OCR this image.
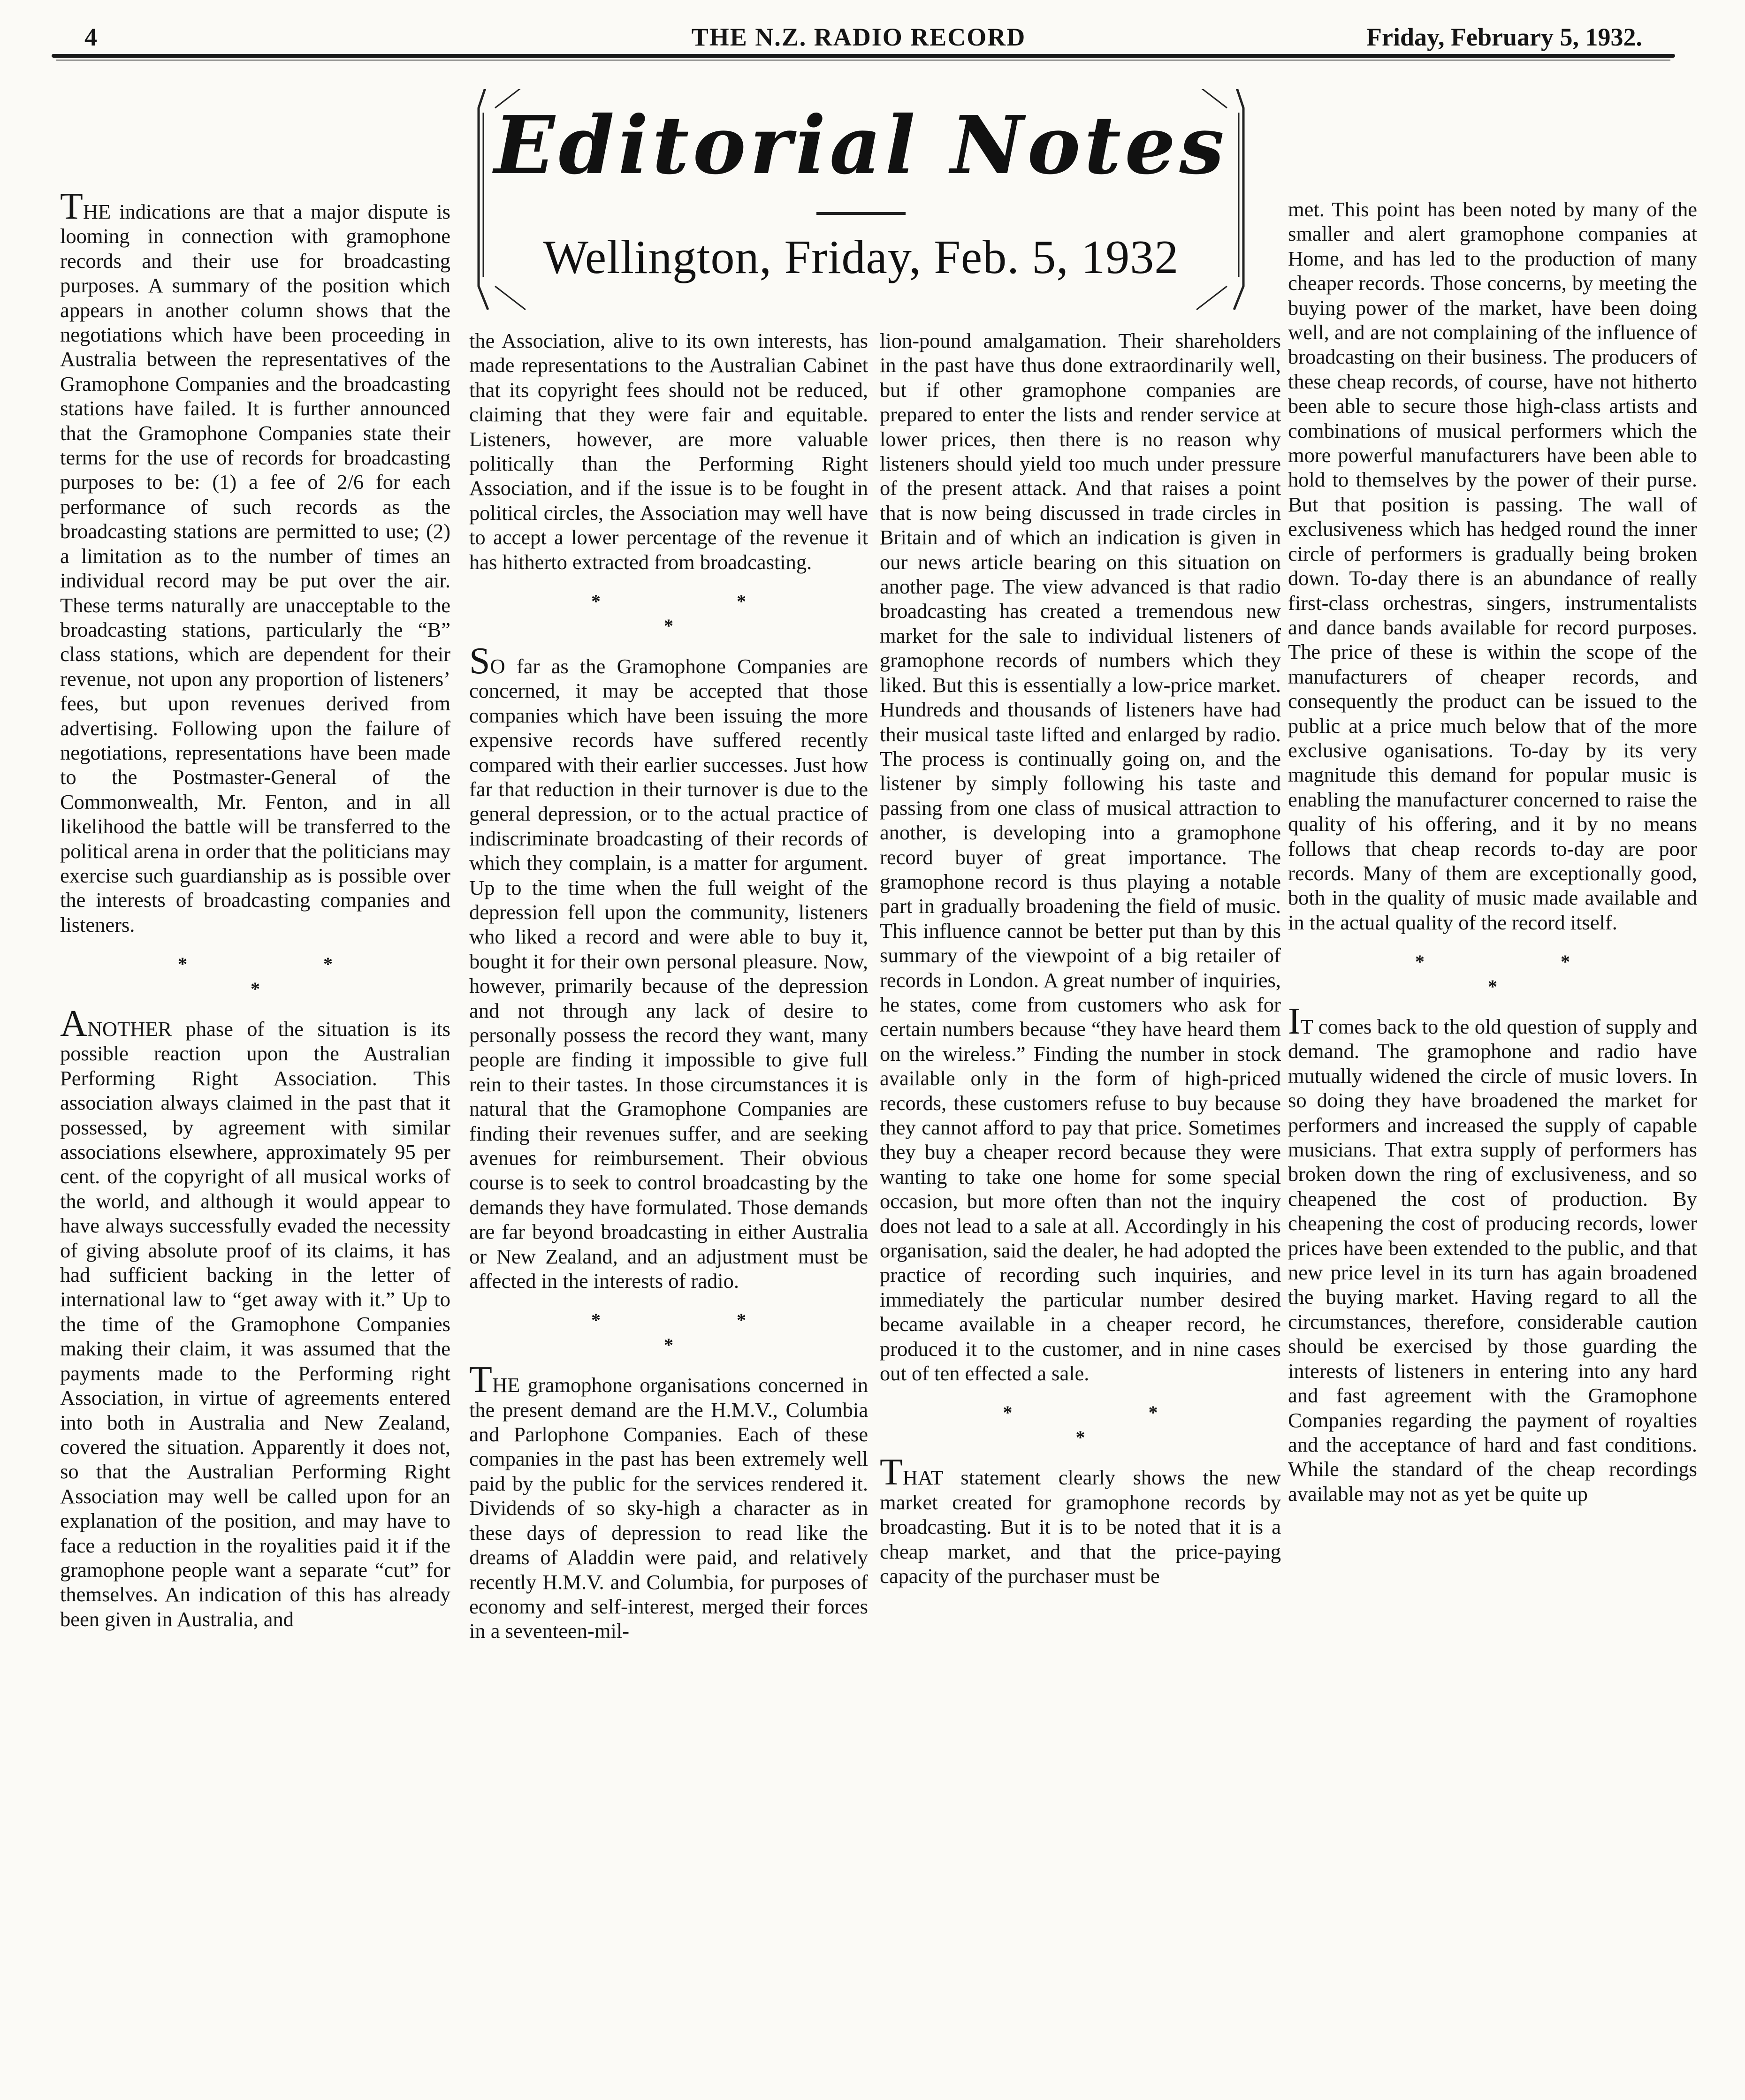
4	THE N.Z. RADIO RECORD	Friday, February 5, 1932.
Editorial Notes
Wellington, Friday, Feb. 5, 1932

THE indications are that a major dispute is looming in connection with gramophone records and their use for broadcasting purposes. A summary of the position which appears in another column shows that the negotiations which have been proceeding in Australia between the representatives of the Gramophone Companies and the broadcasting stations have failed. It is further announced that the Gramophone Companies state their terms for the use of records for broadcasting purposes to be: (1) a fee of 2/6 for each performance of such records as the broadcasting stations are permitted to use; (2) a limitation as to the number of times an individual record may be put over the air. These terms naturally are unacceptable to the broadcasting stations, particularly the “B” class stations, which are dependent for their revenue, not upon any proportion of listeners’ fees, but upon revenues derived from advertising. Following upon the failure of negotiations, representations have been made to the Postmaster-General of the Commonwealth, Mr. Fenton, and in all likelihood the battle will be transferred to the political arena in order that the politicians may exercise such guardianship as is possible over the interests of broadcasting companies and listeners.

* * *

ANOTHER phase of the situation is its possible reaction upon the Australian Performing Right Association. This association always claimed in the past that it possessed, by agreement with similar associations elsewhere, approximately 95 per cent. of the copyright of all musical works of the world, and although it would appear to have always successfully evaded the necessity of giving absolute proof of its claims, it has had sufficient backing in the letter of international law to “get away with it.” Up to the time of the Gramophone Companies making their claim, it was assumed that the payments made to the Performing right Association, in virtue of agreements entered into both in Australia and New Zealand, covered the situation. Apparently it does not, so that the Australian Performing Right Association may well be called upon for an explanation of the position, and may have to face a reduction in the royalities paid it if the gramophone people want a separate “cut” for themselves. An indication of this has already been given in Australia, and

the Association, alive to its own interests, has made representations to the Australian Cabinet that its copyright fees should not be reduced, claiming that they were fair and equitable. Listeners, however, are more valuable politically than the Performing Right Association, and if the issue is to be fought in political circles, the Association may well have to accept a lower percentage of the revenue it has hitherto extracted from broadcasting.

* * *

SO far as the Gramophone Companies are concerned, it may be accepted that those companies which have been issuing the more expensive records have suffered recently compared with their earlier successes. Just how far that reduction in their turnover is due to the general depression, or to the actual practice of indiscriminate broadcasting of their records of which they complain, is a matter for argument. Up to the time when the full weight of the depression fell upon the community, listeners who liked a record and were able to buy it, bought it for their own personal pleasure. Now, however, primarily because of the depression and not through any lack of desire to personally possess the record they want, many people are finding it impossible to give full rein to their tastes. In those circumstances it is natural that the Gramophone Companies are finding their revenues suffer, and are seeking avenues for reimbursement. Their obvious course is to seek to control broadcasting by the demands they have formulated. Those demands are far beyond broadcasting in either Australia or New Zealand, and an adjustment must be affected in the interests of radio.

* * *

THE gramophone organisations concerned in the present demand are the H.M.V., Columbia and Parlophone Companies. Each of these companies in the past has been extremely well paid by the public for the services rendered it. Dividends of so sky-high a character as in these days of depression to read like the dreams of Aladdin were paid, and relatively recently H.M.V. and Columbia, for purposes of economy and self-interest, merged their forces in a seventeen-mil-

lion-pound amalgamation. Their shareholders in the past have thus done extraordinarily well, but if other gramophone companies are prepared to enter the lists and render service at lower prices, then there is no reason why listeners should yield too much under pressure of the present attack. And that raises a point that is now being discussed in trade circles in Britain and of which an indication is given in our news article bearing on this situation on another page. The view advanced is that radio broadcasting has created a tremendous new market for the sale to individual listeners of gramophone records of numbers which they liked. But this is essentially a low-price market. Hundreds and thousands of listeners have had their musical taste lifted and enlarged by radio. The process is continually going on, and the listener by simply following his taste and passing from one class of musical attraction to another, is developing into a gramophone record buyer of great importance. The gramophone record is thus playing a notable part in gradually broadening the field of music. This influence cannot be better put than by this summary of the viewpoint of a big retailer of records in London. A great number of inquiries, he states, come from customers who ask for certain numbers because “they have heard them on the wireless.” Finding the number in stock available only in the form of high-priced records, these customers refuse to buy because they cannot afford to pay that price. Sometimes they buy a cheaper record because they were wanting to take one home for some special occasion, but more often than not the inquiry does not lead to a sale at all. Accordingly in his organisation, said the dealer, he had adopted the practice of recording such inquiries, and immediately the particular number desired became available in a cheaper record, he produced it to the customer, and in nine cases out of ten effected a sale.

* * *

THAT statement clearly shows the new market created for gramophone records by broadcasting. But it is to be noted that it is a cheap market, and that the price-paying capacity of the purchaser must be

met. This point has been noted by many of the smaller and alert gramophone companies at Home, and has led to the production of many cheaper records. Those concerns, by meeting the buying power of the market, have been doing well, and are not complaining of the influence of broadcasting on their business. The producers of these cheap records, of course, have not hitherto been able to secure those high-class artists and combinations of musical performers which the more powerful manufacturers have been able to hold to themselves by the power of their purse. But that position is passing. The wall of exclusiveness which has hedged round the inner circle of performers is gradually being broken down. To-day there is an abundance of really first-class orchestras, singers, instrumentalists and dance bands available for record purposes. The price of these is within the scope of the manufacturers of cheaper records, and consequently the product can be issued to the public at a price much below that of the more exclusive oganisations. To-day by its very magnitude this demand for popular music is enabling the manufacturer concerned to raise the quality of his offering, and it by no means follows that cheap records to-day are poor records. Many of them are exceptionally good, both in the quality of music made available and in the actual quality of the record itself.

* * *

IT comes back to the old question of supply and demand. The gramophone and radio have mutually widened the circle of music lovers. In so doing they have broadened the market for performers and increased the supply of capable musicians. That extra supply of performers has broken down the ring of exclusiveness, and so cheapened the cost of production. By cheapening the cost of producing records, lower prices have been extended to the public, and that new price level in its turn has again broadened the buying market. Having regard to all the circumstances, therefore, considerable caution should be exercised by those guarding the interests of listeners in entering into any hard and fast agreement with the Gramophone Companies regarding the payment of royalties and the acceptance of hard and fast conditions. While the standard of the cheap recordings available may not as yet be quite up
